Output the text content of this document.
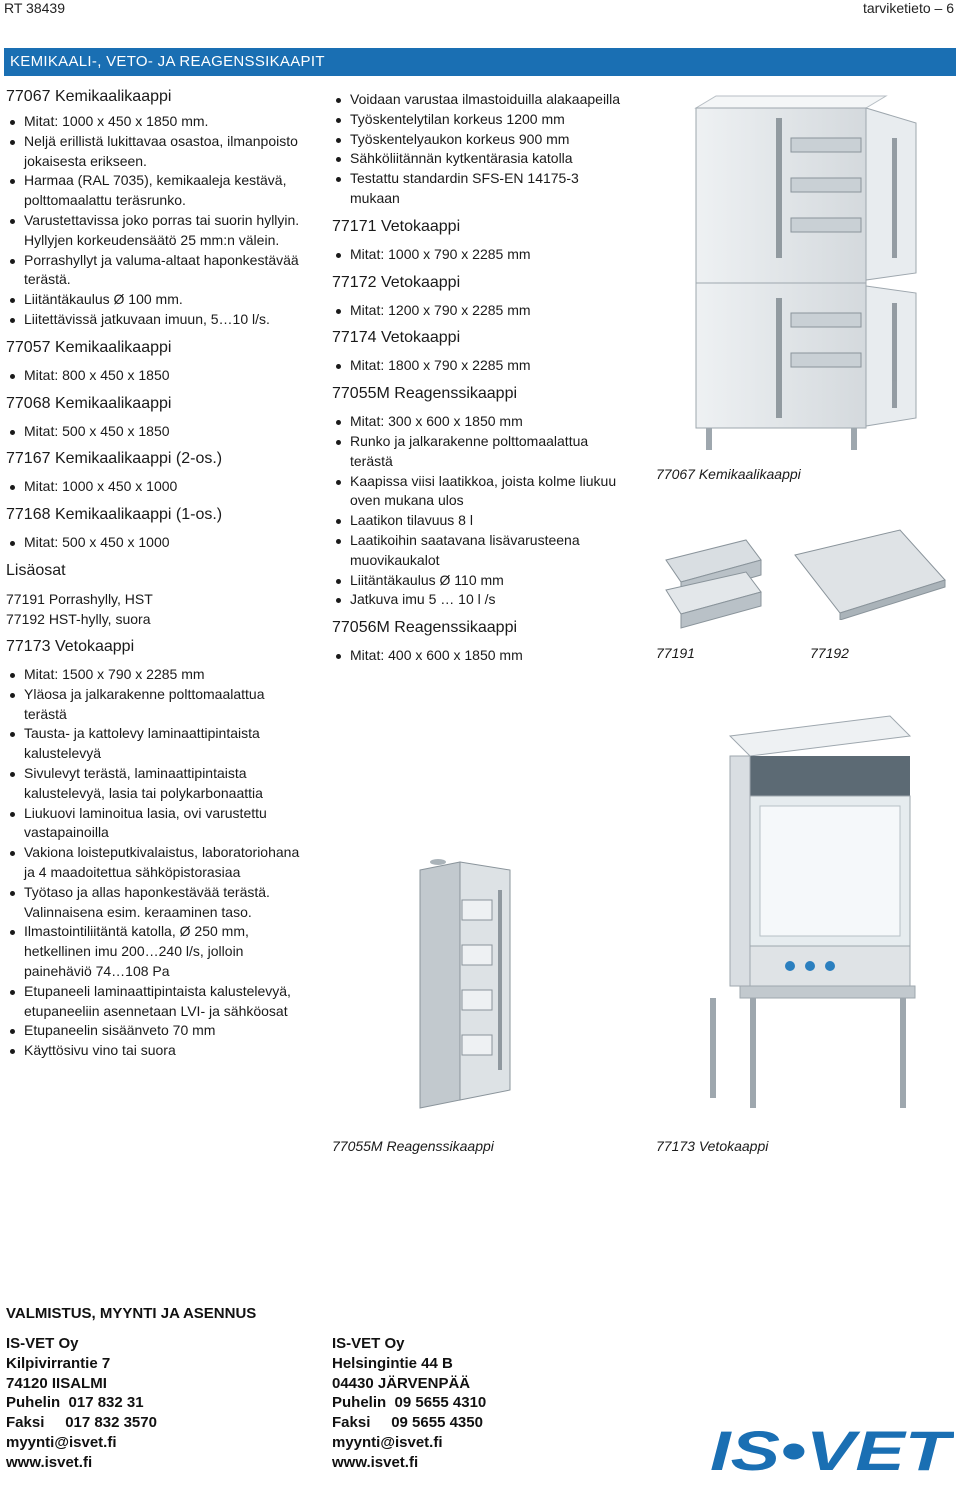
RT 38439	tarviketieto – 6
KEMIKAALI-, VETO- JA REAGENSSIKAAPIT
77067 Kemikaalikaappi
Mitat: 1000 x 450 x 1850 mm.
Neljä erillistä lukittavaa osastoa, ilmanpoisto jokaisesta erikseen.
Harmaa (RAL 7035), kemikaaleja kestävä, polttomaalattu teräsrunko.
Varustettavissa joko porras tai suorin hyllyin. Hyllyjen korkeudensäätö 25 mm:n välein.
Porrashyllyt ja valuma-altaat haponkestävää terästä.
Liitäntäkaulus Ø 100 mm.
Liitettävissä jatkuvaan imuun, 5…10 l/s.
77057 Kemikaalikaappi
Mitat: 800 x 450 x 1850
77068 Kemikaalikaappi
Mitat: 500 x 450 x 1850
77167 Kemikaalikaappi (2-os.)
Mitat: 1000 x 450 x 1000
77168 Kemikaalikaappi (1-os.)
Mitat: 500 x 450 x 1000
Lisäosat
77191 Porrashylly, HST
77192 HST-hylly, suora
77173 Vetokaappi
Mitat: 1500 x 790 x 2285 mm
Yläosa ja jalkarakenne polttomaalattua terästä
Tausta- ja kattolevy laminaattipintaista kalustelevyä
Sivulevyt terästä, laminaattipintaista kalustelevyä, lasia tai polykarbonaattia
Liukuovi laminoitua lasia, ovi varustettu vastapainoilla
Vakiona loisteputkivalaistus, laboratoriohana ja 4 maadoitettua sähköpistorasiaa
Työtaso ja allas haponkestävää terästä. Valinnaisena esim. keraaminen taso.
Ilmastointiliitäntä katolla, Ø 250 mm, hetkellinen imu 200…240 l/s, jolloin painehäviö 74…108 Pa
Etupaneeli laminaattipintaista kalustelevyä, etupaneeliin asennetaan LVI- ja sähköosat
Etupaneelin sisäänveto 70 mm
Käyttösivu vino tai suora
Voidaan varustaa ilmastoiduilla alakaapeilla
Työskentelytilan korkeus 1200 mm
Työskentelyaukon korkeus 900 mm
Sähköliitännän kytkentärasia katolla
Testattu standardin SFS-EN 14175-3 mukaan
77171 Vetokaappi
Mitat: 1000 x 790 x 2285 mm
77172 Vetokaappi
Mitat: 1200 x 790 x 2285 mm
77174 Vetokaappi
Mitat: 1800 x 790 x 2285 mm
77055M Reagenssikaappi
Mitat: 300 x 600 x 1850 mm
Runko ja jalkarakenne polttomaalattua terästä
Kaapissa viisi laatikkoa, joista kolme liukuu oven mukana ulos
Laatikon tilavuus 8 l
Laatikoihin saatavana lisävarusteena muovikaukalot
Liitäntäkaulus Ø 110 mm
Jatkuva imu 5 … 10 l /s
77056M Reagenssikaappi
Mitat: 400 x 600 x 1850 mm
77067 Kemikaalikaappi
77191	77192
77055M Reagenssikaappi	77173 Vetokaappi
VALMISTUS, MYYNTI JA ASENNUS
IS-VET Oy
Kilpivirrantie 7
74120 IISALMI
Puhelin  017 832 31
Faksi     017 832 3570
myynti@isvet.fi
www.isvet.fi
IS-VET Oy
Helsingintie 44 B
04430 JÄRVENPÄÄ
Puhelin  09 5655 4310
Faksi     09 5655 4350
myynti@isvet.fi
www.isvet.fi	IS•VET
